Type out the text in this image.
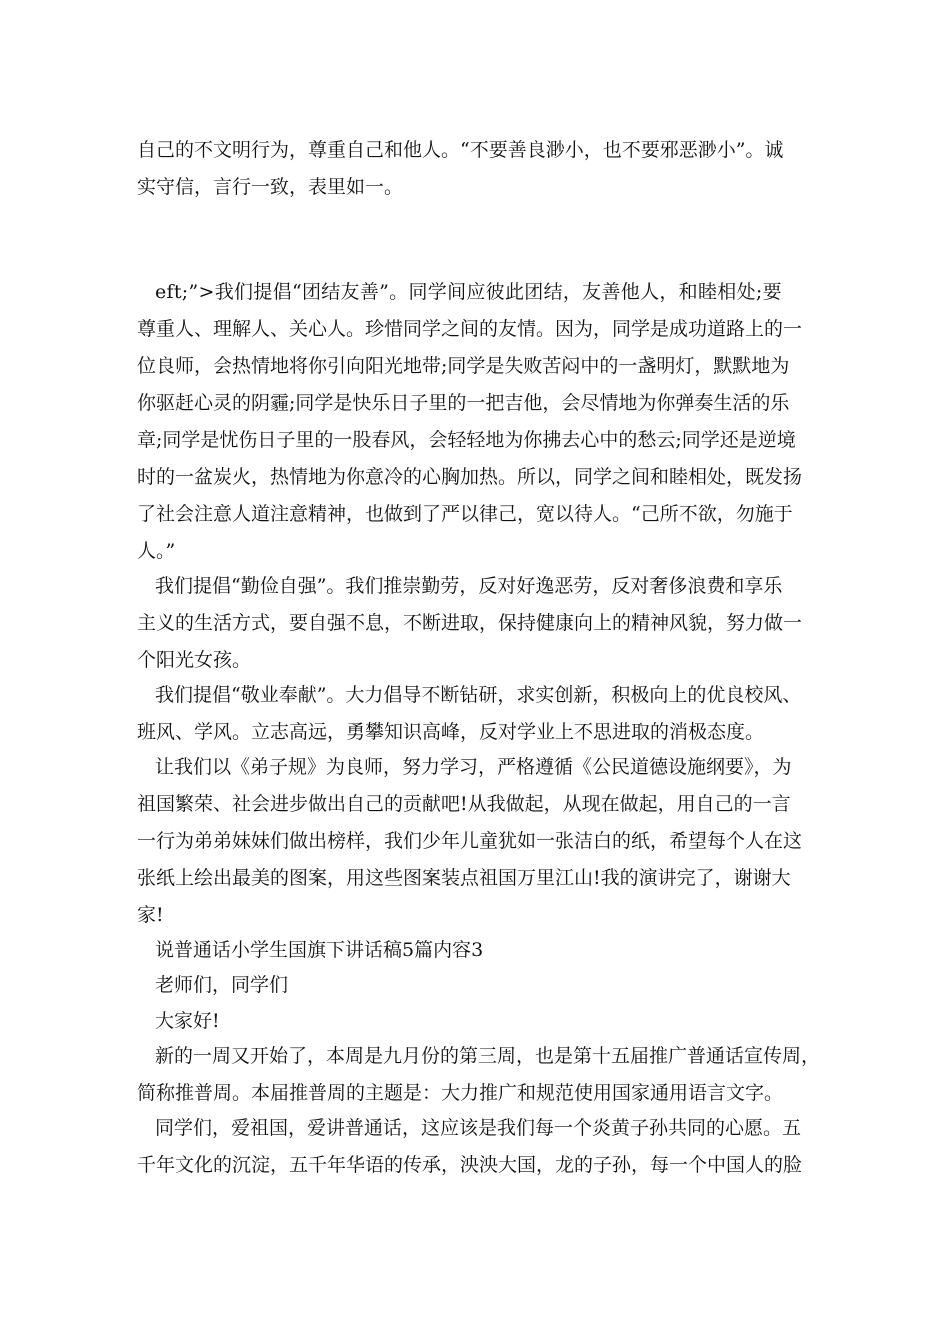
自己的不文明行为，尊重自己和他人。“不要善良渺小，也不要邪恶渺小”。诚
实守信，言行一致，表里如一。
eft;”>我们提倡“团结友善”。同学间应彼此团结，友善他人，和睦相处;要
尊重人、理解人、关心人。珍惜同学之间的友情。因为，同学是成功道路上的一
位良师，会热情地将你引向阳光地带;同学是失败苦闷中的一盏明灯，默默地为
你驱赶心灵的阴霾;同学是快乐日子里的一把吉他，会尽情地为你弹奏生活的乐
章;同学是忧伤日子里的一股春风，会轻轻地为你拂去心中的愁云;同学还是逆境
时的一盆炭火，热情地为你意冷的心胸加热。所以，同学之间和睦相处，既发扬
了社会注意人道注意精神，也做到了严以律己，宽以待人。“己所不欲，勿施于
人。”
我们提倡“勤俭自强”。我们推崇勤劳，反对好逸恶劳，反对奢侈浪费和享乐
主义的生活方式，要自强不息，不断进取，保持健康向上的精神风貌，努力做一
个阳光女孩。
我们提倡“敬业奉献”。大力倡导不断钻研，求实创新，积极向上的优良校风、
班风、学风。立志高远，勇攀知识高峰，反对学业上不思进取的消极态度。
让我们以《弟子规》为良师，努力学习，严格遵循《公民道德设施纲要》，为
祖国繁荣、社会进步做出自己的贡献吧!从我做起，从现在做起，用自己的一言
一行为弟弟妹妹们做出榜样，我们少年儿童犹如一张洁白的纸，希望每个人在这
张纸上绘出最美的图案，用这些图案装点祖国万里江山!我的演讲完了，谢谢大
家!
说普通话小学生国旗下讲话稿5篇内容3
老师们，同学们
大家好!
新的一周又开始了，本周是九月份的第三周，也是第十五届推广普通话宣传周，
简称推普周。本届推普周的主题是：大力推广和规范使用国家通用语言文字。
同学们，爱祖国，爱讲普通话，这应该是我们每一个炎黄子孙共同的心愿。五
千年文化的沉淀，五千年华语的传承，泱泱大国，龙的子孙，每一个中国人的脸
